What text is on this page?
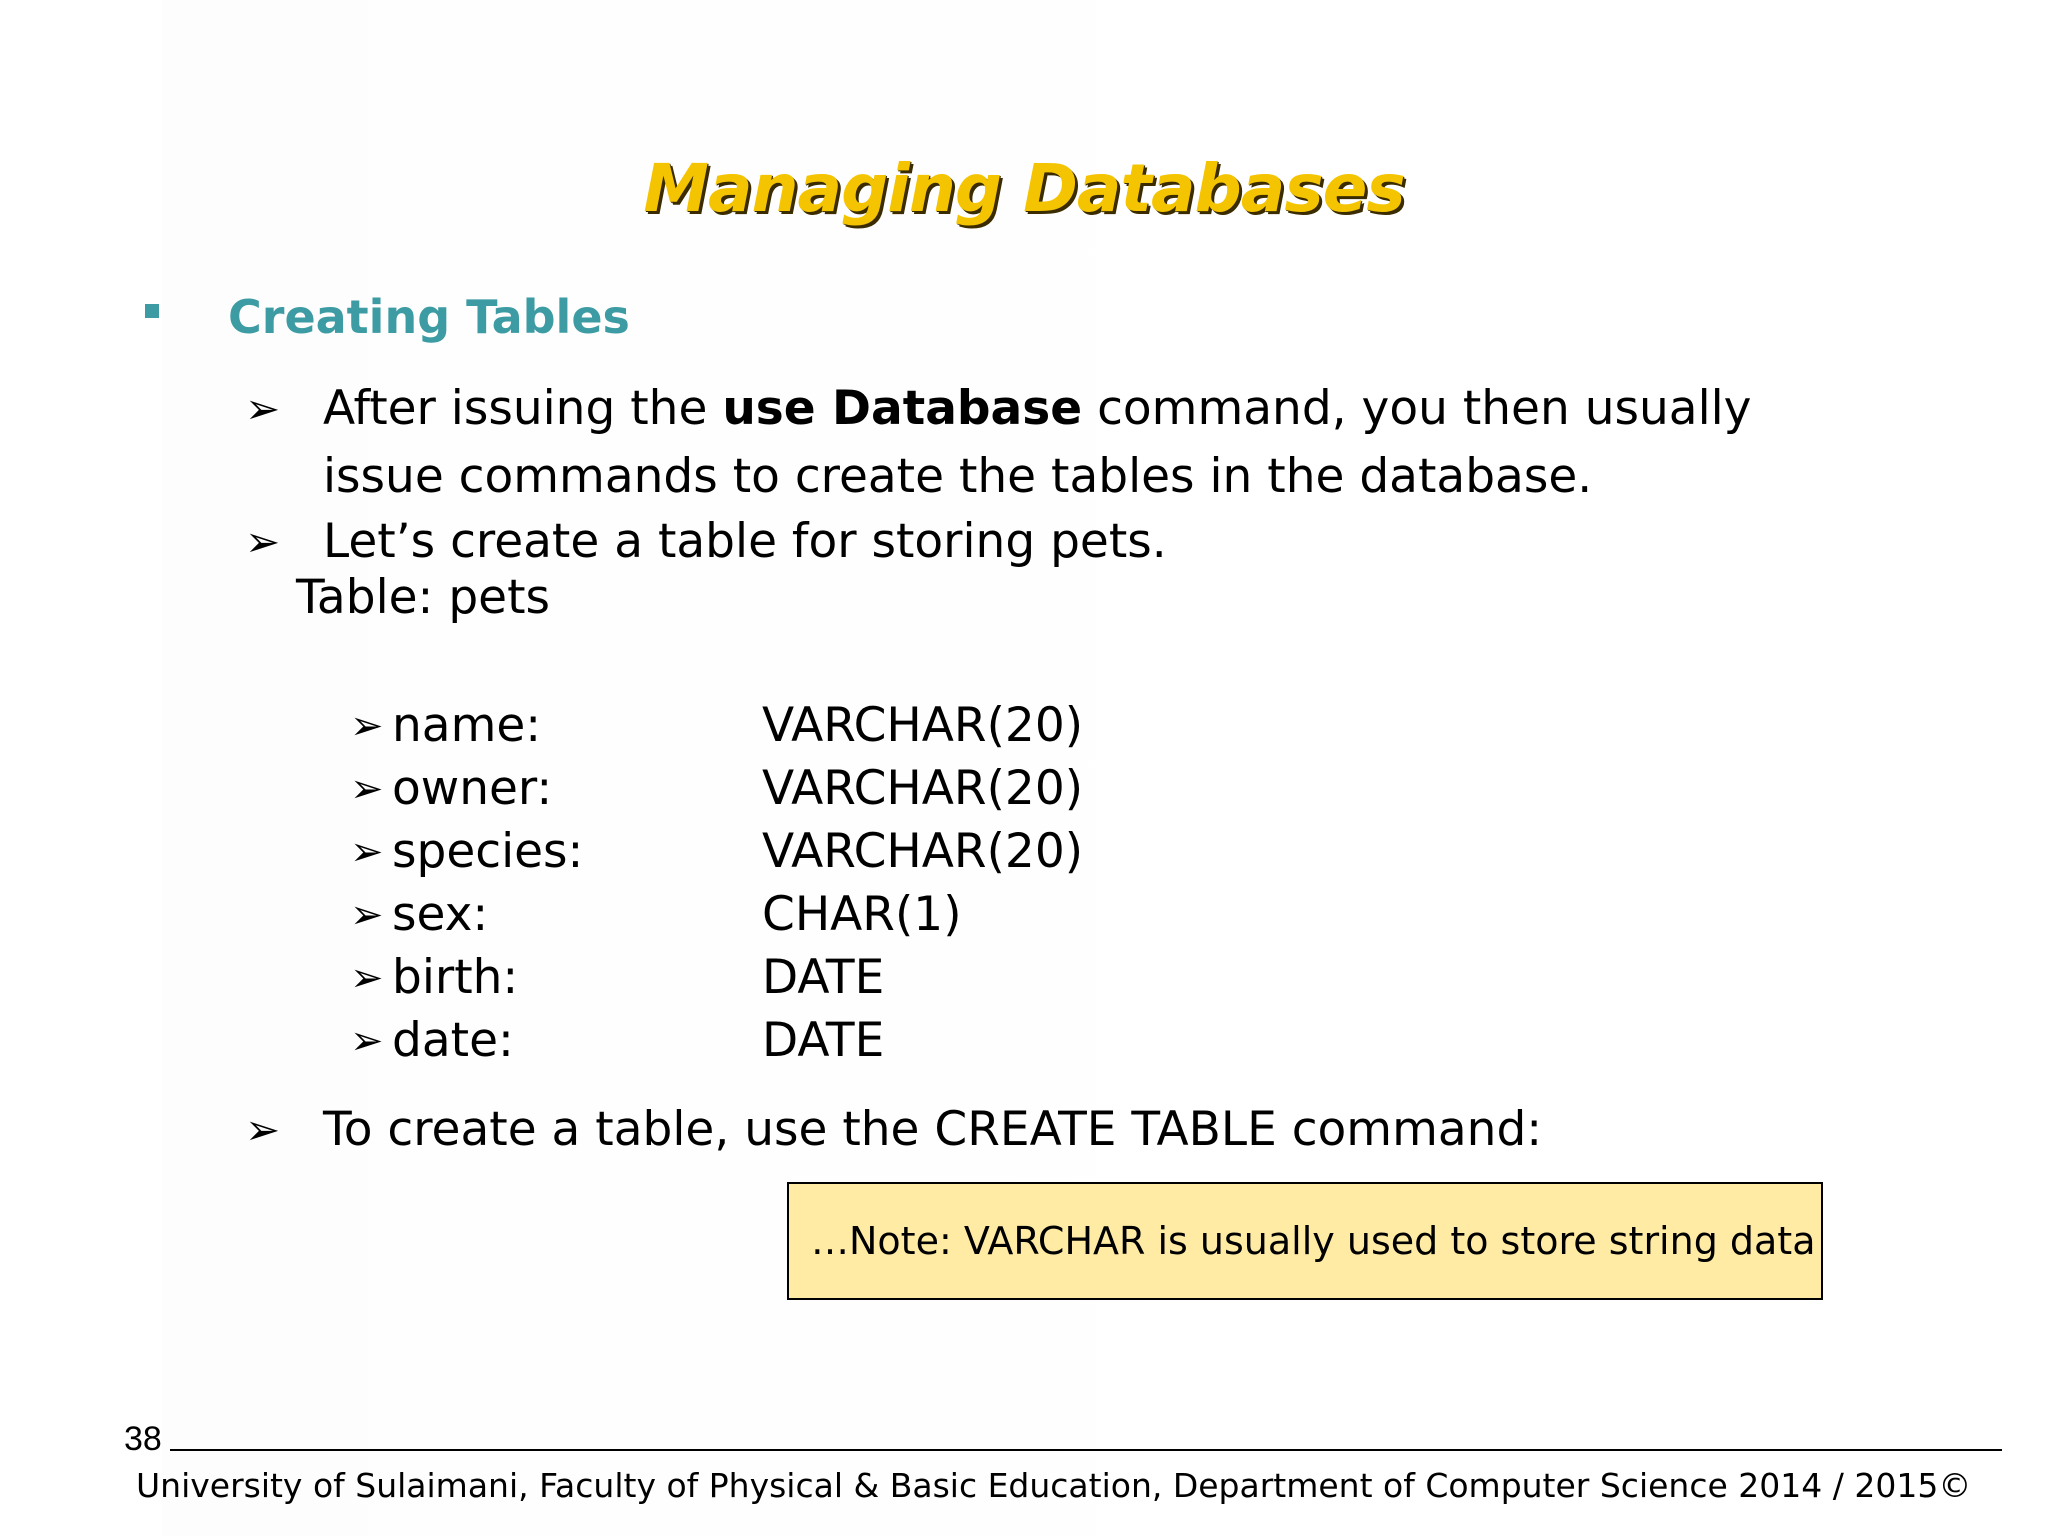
Managing Databases
Creating Tables
➢ After issuing the use Database command, you then usually issue commands to create the tables in the database.
➢ Let’s create a table for storing pets.
Table: pets
➢ name:	VARCHAR(20)
➢ owner:	VARCHAR(20)
➢ species:	VARCHAR(20)
➢ sex:	CHAR(1)
➢ birth:	DATE
➢ date:	DATE
➢ To create a table, use the CREATE TABLE command:
…Note: VARCHAR is usually used to store string data
38
University of Sulaimani, Faculty of Physical & Basic Education, Department of Computer Science 2014 / 2015©
